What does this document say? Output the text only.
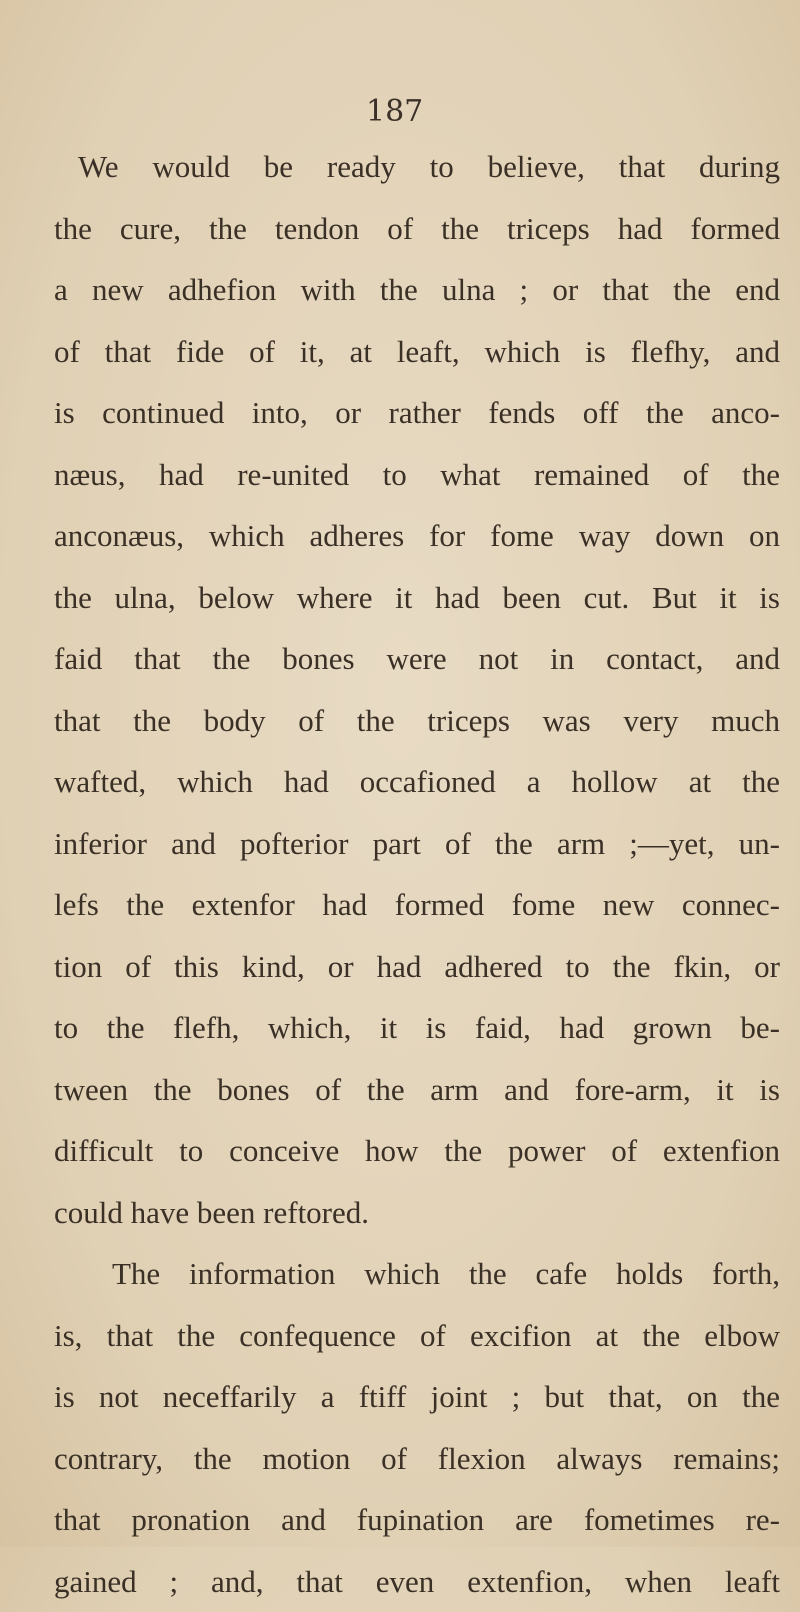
187
We would be ready to believe, that during
the cure, the tendon of the triceps had formed
a new adhefion with the ulna ; or that the end
of that fide of it, at leaft, which is flefhy, and
is continued into, or rather fends off the anco-
næus, had re-united to what remained of the
anconæus, which adheres for fome way down on
the ulna, below where it had been cut. But it is
faid that the bones were not in contact, and
that the body of the triceps was very much
wafted, which had occafioned a hollow at the
inferior and pofterior part of the arm ;—yet, un-
lefs the extenfor had formed fome new connec-
tion of this kind, or had adhered to the fkin, or
to the flefh, which, it is faid, had grown be-
tween the bones of the arm and fore-arm, it is
difficult to conceive how the power of extenfion
could have been reftored.
The information which the cafe holds forth,
is, that the confequence of excifion at the elbow
is not neceffarily a ftiff joint ; but that, on the
contrary, the motion of flexion always remains;
that pronation and fupination are fometimes re-
gained ; and, that even extenfion, when leaft
